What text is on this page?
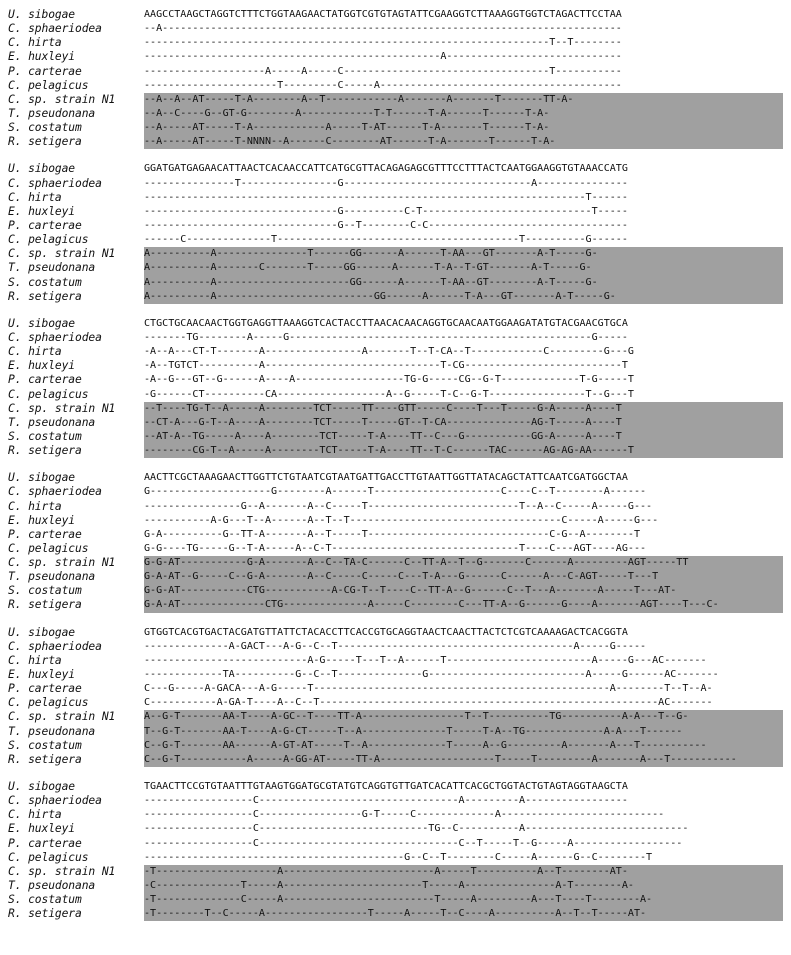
U. sibogae	AAGCCTAAGCTAGGTCTTTCTGGTAAGAACTATGGTCGTGTAGTATTCGAAGGTCTTAAAGGTGGTCTAGACTTCCTAA
C. sphaeriodea	--A----------------------------------------------------------------------------
C. hirta	-------------------------------------------------------------------T--T--------
E. huxleyi	-------------------------------------------------A-----------------------------
P. carterae	--------------------A-----A-----C----------------------------------T-----------
C. pelagicus	----------------------T---------C-----A----------------------------------------
C. sp. strain N1	--A--A--AT-----T-A--------A--T------------A-------A-------T-------TT-A-
T. pseudonana	--A--C----G--GT-G--------A------------T-T------T-A------T------T-A-
S. costatum	--A-----AT-----T-A------------A-----T-AT------T-A-------T------T-A-
R. setigera	--A-----AT-----T-NNNN--A------C--------AT------T-A-------T------T-A-
U. sibogae	GGATGATGAGAACATTAACTCACAACCATTCATGCGTTACAGAGAGCGTTTCCTTTACTCAATGGAAGGTGTAAACCATG
C. sphaeriodea	---------------T----------------G-------------------------------A---------------
C. hirta	-------------------------------------------------------------------------T------
E. huxleyi	--------------------------------G----------C-T----------------------------T-----
P. carterae	--------------------------------G--T--------C-C---------------------------------
C. pelagicus	------C--------------T----------------------------------------T----------G------
C. sp. strain N1	A----------A---------------T------GG------A------T-AA---GT-------A-T-----G-
T. pseudonana	A----------A-------C-------T-----GG------A------T-A--T-GT-------A-T-----G-
S. costatum	A----------A----------------------GG------A------T-AA--GT--------A-T-----G-
R. setigera	A----------A--------------------------GG------A------T-A---GT-------A-T-----G-
U. sibogae	CTGCTGCAACAACTGGTGAGGTTAAAGGTCACTACCTTAACACAACAGGTGCAACAATGGAAGATATGTACGAACGTGCA
C. sphaeriodea	-------TG--------A-----G--------------------------------------------------G-----
C. hirta	-A--A---CT-T-------A----------------A-------T--T-CA--T------------C---------G---G
E. huxleyi	-A--TGTCT----------A-----------------------------T-CG--------------------------T
P. carterae	-A--G---GT--G------A----A------------------TG-G-----CG--G-T-------------T-G-----T
C. pelagicus	-G------CT----------CA------------------A--G-----T-C--G-T----------------T--G---T
C. sp. strain N1	--T----TG-T--A-----A--------TCT-----TT----GTT-----C----T---T-----G-A-----A----T
T. pseudonana	--CT-A---G-T--A----A--------TCT-----T-----GT--T-CA--------------AG-T-----A----T
S. costatum	--AT-A--TG-----A----A--------TCT-----T-A----TT--C---G-----------GG-A-----A----T
R. setigera	--------CG-T--A-----A--------TCT-----T-A----TT--T-C------TAC------AG-AG-AA------T
U. sibogae	AACTTCGCTAAAGAACTTGGTTCTGTAATCGTAATGATTGACCTTGTAATTGGTTATACAGCTATTCAATCGATGGCTAA
C. sphaeriodea	G--------------------G--------A------T---------------------C----C--T--------A------
C. hirta	----------------G--A-------A--C-----T-------------------------T--A--C-----A-----G---
E. huxleyi	-----------A-G---T--A------A--T--T-----------------------------------C-----A-----G---
P. carterae	G-A----------G--TT-A-------A--T-----T------------------------------C-G--A--------T
C. pelagicus	G-G----TG-----G--T-A-----A--C-T-------------------------------T----C---AGT----AG---
C. sp. strain N1	G-G-AT-----------G-A-------A--C--TA-C------C--TT-A--T--G-------C------A---------AGT-----TT
T. pseudonana	G-A-AT--G-----C--G-A-------A--C-----C-----C---T-A---G------C------A---C-AGT-----T---T
S. costatum	G-G-AT-----------CTG-----------A-CG-T--T----C--TT-A--G------C--T---A-------A-----T---AT-
R. setigera	G-A-AT--------------CTG--------------A-----C--------C---TT-A--G------G----A-------AGT----T---C-
U. sibogae	GTGGTCACGTGACTACGATGTTATTCTACACCTTCACCGTGCAGGTAACTCAACTTACTCTCGTCAAAAGACTCACGGTA
C. sphaeriodea	--------------A-GACT---A-G--C--T---------------------------------------A-----G-----
C. hirta	---------------------------A-G-----T---T--A------T------------------------A-----G---AC-------
E. huxleyi	-------------TA----------G--C--T--------------G--------------------------A-----G------AC-------
P. carterae	C---G-----A-GACA---A-G-----T-------------------------------------------------A--------T--T--A-
C. pelagicus	C-----------A-GA-T----A--C--T--------------------------------------------------------AC-------
C. sp. strain N1	A--G-T-------AA-T----A-GC--T----TT-A-----------------T--T----------TG----------A-A---T--G-
T. pseudonana	T--G-T-------AA-T----A-G-CT-----T--A--------------T-----T-A--TG-------------A-A---T------
S. costatum	C--G-T-------AA------A-GT-AT-----T--A-------------T-----A--G---------A-------A---T-----------
R. setigera	C--G-T-----------A-----A-GG-AT-----TT-A-------------------T-----T---------A-------A---T-----------
U. sibogae	TGAACTTCCGTGTAATTTGTAAGTGGATGCGTATGTCAGGTGTTGATCACATTCACGCTGGTACTGTAGTAGGTAAGCTA
C. sphaeriodea	------------------C---------------------------------A---------A-----------------
C. hirta	------------------C-----------------G-T-----C-------------A---------------------------
E. huxleyi	------------------C----------------------------TG--C----------A---------------------------
P. carterae	------------------C---------------------------------C--T-----T--G-----A------------------
C. pelagicus	-------------------------------------------G--C--T--------C-----A------G--C--------T
C. sp. strain N1	-T--------------------A-------------------------A-----T----------A--T--------AT-
T. pseudonana	-C--------------T-----A-----------------------T-----A---------------A-T--------A-
S. costatum	-T--------------C-----A-------------------------T-----A---------A---T----T--------A-
R. setigera	-T--------T--C-----A-----------------T-----A-----T--C----A----------A--T--T-----AT-
